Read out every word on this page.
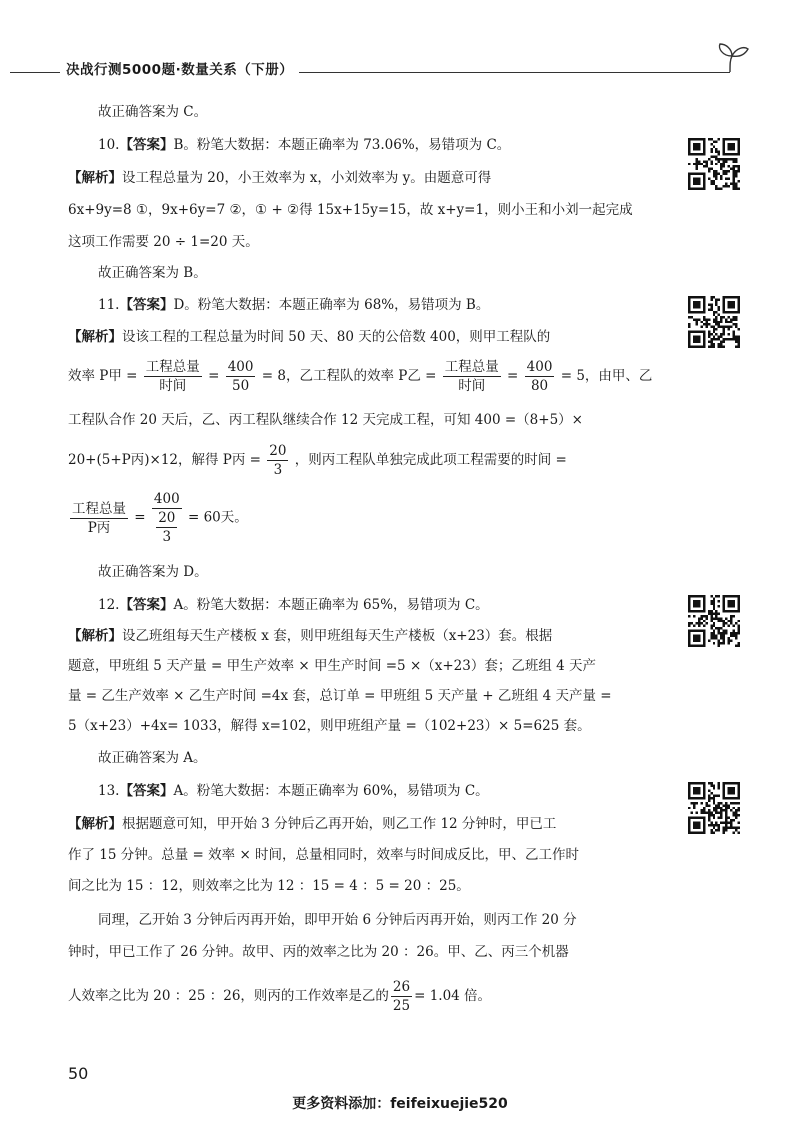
决战行测5000题·数量关系（下册）
故正确答案为 C。
10.【答案】B。粉笔大数据：本题正确率为 73.06%，易错项为 C。
【解析】设工程总量为 20，小王效率为 x，小刘效率为 y。由题意可得
6x+9y=8 ①，9x+6y=7 ②，① + ②得 15x+15y=15，故 x+y=1，则小王和小刘一起完成
这项工作需要 20 ÷ 1=20 天。
故正确答案为 B。
11.【答案】D。粉笔大数据：本题正确率为 68%，易错项为 B。
【解析】设该工程的工程总量为时间 50 天、80 天的公倍数 400，则甲工程队的
效率 P甲 = $\frac{\text{工程总量}}{\text{时间}} = \frac{400}{50} = 8$，乙工程队的效率 P乙 = $\frac{\text{工程总量}}{\text{时间}} = \frac{400}{80} = 5$，由甲、乙
工程队合作 20 天后，乙、丙工程队继续合作 12 天完成工程，可知 400 =（8+5）×
20+(5+P丙)×12，解得 P丙 = $\frac{20}{3}$ ，则丙工程队单独完成此项工程需要的时间 =
$\frac{\text{工程总量}}{\text{P丙}} = \frac{400}{\frac{20}{3}} = 60$天。
故正确答案为 D。
12.【答案】A。粉笔大数据：本题正确率为 65%，易错项为 C。
【解析】设乙班组每天生产楼板 x 套，则甲班组每天生产楼板（x+23）套。根据
题意，甲班组 5 天产量 = 甲生产效率 × 甲生产时间 =5 ×（x+23）套；乙班组 4 天产
量 = 乙生产效率 × 乙生产时间 =4x 套，总订单 = 甲班组 5 天产量 + 乙班组 4 天产量 =
5（x+23）+4x= 1033，解得 x=102，则甲班组产量 =（102+23）× 5=625 套。
故正确答案为 A。
13.【答案】A。粉笔大数据：本题正确率为 60%，易错项为 C。
【解析】根据题意可知，甲开始 3 分钟后乙再开始，则乙工作 12 分钟时，甲已工
作了 15 分钟。总量 = 效率 × 时间，总量相同时，效率与时间成反比，甲、乙工作时
间之比为 15 ：12，则效率之比为 12 ：15 = 4 ：5 = 20 ：25。
同理，乙开始 3 分钟后丙再开始，即甲开始 6 分钟后丙再开始，则丙工作 20 分
钟时，甲已工作了 26 分钟。故甲、丙的效率之比为 20 ：26。甲、乙、丙三个机器
人效率之比为 20 ：25 ：26，则丙的工作效率是乙的 $\frac{26}{25} = 1.04$ 倍。
50
更多资料添加：feifeixuejie520
